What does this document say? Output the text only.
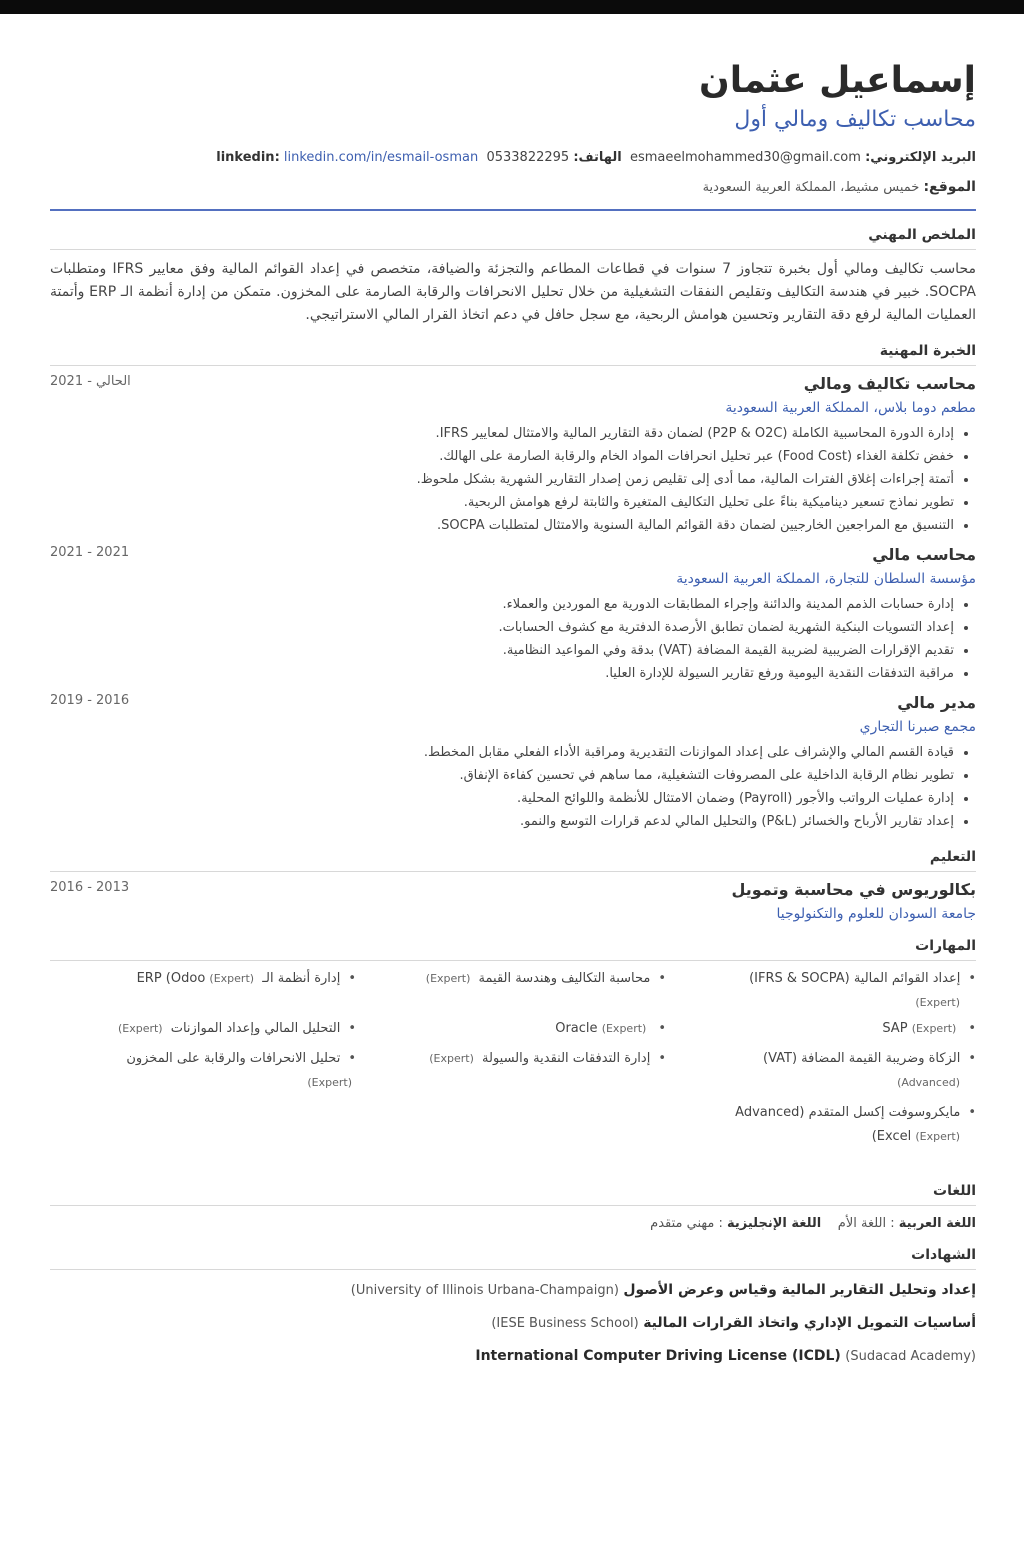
إسماعيل عثمان
محاسب تكاليف ومالي أول
البريد الإلكتروني: esmaeelmohammed30@gmail.com  الهاتف: 0533822295  linkedin: linkedin.com/in/esmail-osman
الموقع: خميس مشيط، المملكة العربية السعودية
الملخص المهني
محاسب تكاليف ومالي أول بخبرة تتجاوز 7 سنوات في قطاعات المطاعم والتجزئة والضيافة، متخصص في إعداد القوائم المالية وفق معايير IFRS ومتطلبات SOCPA. خبير في هندسة التكاليف وتقليص النفقات التشغيلية من خلال تحليل الانحرافات والرقابة الصارمة على المخزون. متمكن من إدارة أنظمة الـ ERP وأتمتة العمليات المالية لرفع دقة التقارير وتحسين هوامش الربحية، مع سجل حافل في دعم اتخاذ القرار المالي الاستراتيجي.
الخبرة المهنية
محاسب تكاليف ومالي
2021 - الحالي
مطعم دوما بلاس، المملكة العربية السعودية
• إدارة الدورة المحاسبية الكاملة (P2P & O2C) لضمان دقة التقارير المالية والامتثال لمعايير IFRS.
• خفض تكلفة الغذاء (Food Cost) عبر تحليل انحرافات المواد الخام والرقابة الصارمة على الهالك.
• أتمتة إجراءات إغلاق الفترات المالية، مما أدى إلى تقليص زمن إصدار التقارير الشهرية بشكل ملحوظ.
• تطوير نماذج تسعير ديناميكية بناءً على تحليل التكاليف المتغيرة والثابتة لرفع هوامش الربحية.
• التنسيق مع المراجعين الخارجيين لضمان دقة القوائم المالية السنوية والامتثال لمتطلبات SOCPA.
محاسب مالي
2021 - 2021
مؤسسة السلطان للتجارة، المملكة العربية السعودية
• إدارة حسابات الذمم المدينة والدائنة وإجراء المطابقات الدورية مع الموردين والعملاء.
• إعداد التسويات البنكية الشهرية لضمان تطابق الأرصدة الدفترية مع كشوف الحسابات.
• تقديم الإقرارات الضريبية لضريبة القيمة المضافة (VAT) بدقة وفي المواعيد النظامية.
• مراقبة التدفقات النقدية اليومية ورفع تقارير السيولة للإدارة العليا.
مدير مالي
2019 - 2016
مجمع صبرنا التجاري
• قيادة القسم المالي والإشراف على إعداد الموازنات التقديرية ومراقبة الأداء الفعلي مقابل المخطط.
• تطوير نظام الرقابة الداخلية على المصروفات التشغيلية، مما ساهم في تحسين كفاءة الإنفاق.
• إدارة عمليات الرواتب والأجور (Payroll) وضمان الامتثال للأنظمة واللوائح المحلية.
• إعداد تقارير الأرباح والخسائر (P&L) والتحليل المالي لدعم قرارات التوسع والنمو.
التعليم
بكالوريوس في محاسبة وتمويل
2016 - 2013
جامعة السودان للعلوم والتكنولوجيا
المهارات
•إعداد القوائم المالية (IFRS & SOCPA)
(Expert)
•SAP (Expert)
•الزكاة وضريبة القيمة المضافة (VAT)
(Advanced)
•مايكروسوفت إكسل المتقدم (Advanced
(Expert) Excel)
•محاسبة التكاليف وهندسة القيمة (Expert)
•Oracle (Expert)
•إدارة التدفقات النقدية والسيولة (Expert)
•إدارة أنظمة الـ ERP (Odoo (Expert)
•التحليل المالي وإعداد الموازنات (Expert)
•تحليل الانحرافات والرقابة على المخزون
(Expert)
اللغات
اللغة العربية : اللغة الأم    اللغة الإنجليزية : مهني متقدم
الشهادات
إعداد وتحليل التقارير المالية وقياس وعرض الأصول (University of Illinois Urbana-Champaign)
أساسيات التمويل الإداري واتخاذ القرارات المالية (IESE Business School)
International Computer Driving License (ICDL) (Sudacad Academy)
